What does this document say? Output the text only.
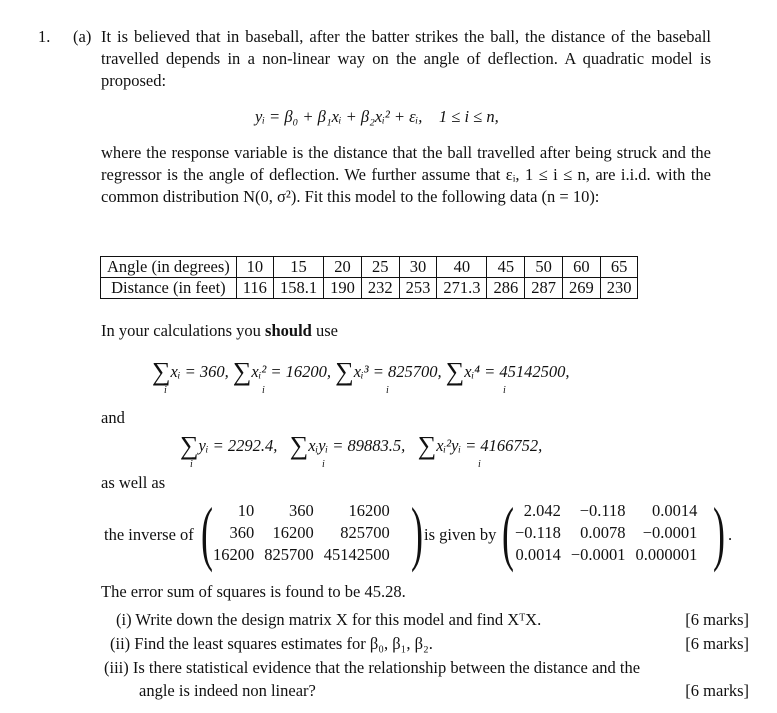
1. (a) It is believed that in baseball, after the batter strikes the ball, the distance of the baseball travelled depends in a non-linear way on the angle of deflection. A quadratic model is proposed:
yᵢ = β₀ + β₁xᵢ + β₂xᵢ² + εᵢ,    1 ≤ i ≤ n,
where the response variable is the distance that the ball travelled after being struck and the regressor is the angle of deflection. We further assume that εᵢ, 1 ≤ i ≤ n, are i.i.d. with the common distribution N(0, σ²). Fit this model to the following data (n = 10):
Angle (in degrees)	10	15	20	25	30	40	45	50	60	65
Distance (in feet)	116	158.1	190	232	253	271.3	286	287	269	230
In your calculations you should use
∑xᵢ = 360, ∑xᵢ² = 16200, ∑xᵢ³ = 825700, ∑xᵢ⁴ = 45142500,
i	i	i	i
and
∑yᵢ = 2292.4, ∑xᵢyᵢ = 89883.5, ∑xᵢ²yᵢ = 4166752,
i	i	i
as well as
the inverse of ( 10	360	16200
360	16200	825700
16200	825700	45142500 ) is given by ( 2.042	−0.118	0.0014
−0.118	0.0078	−0.0001
0.0014	−0.0001	0.000001 ) .
The error sum of squares is found to be 45.28.
(i) Write down the design matrix X for this model and find XᵀX.	[6 marks]
(ii) Find the least squares estimates for β₀, β₁, β₂.	[6 marks]
(iii) Is there statistical evidence that the relationship between the distance and the
angle is indeed non linear?	[6 marks]
